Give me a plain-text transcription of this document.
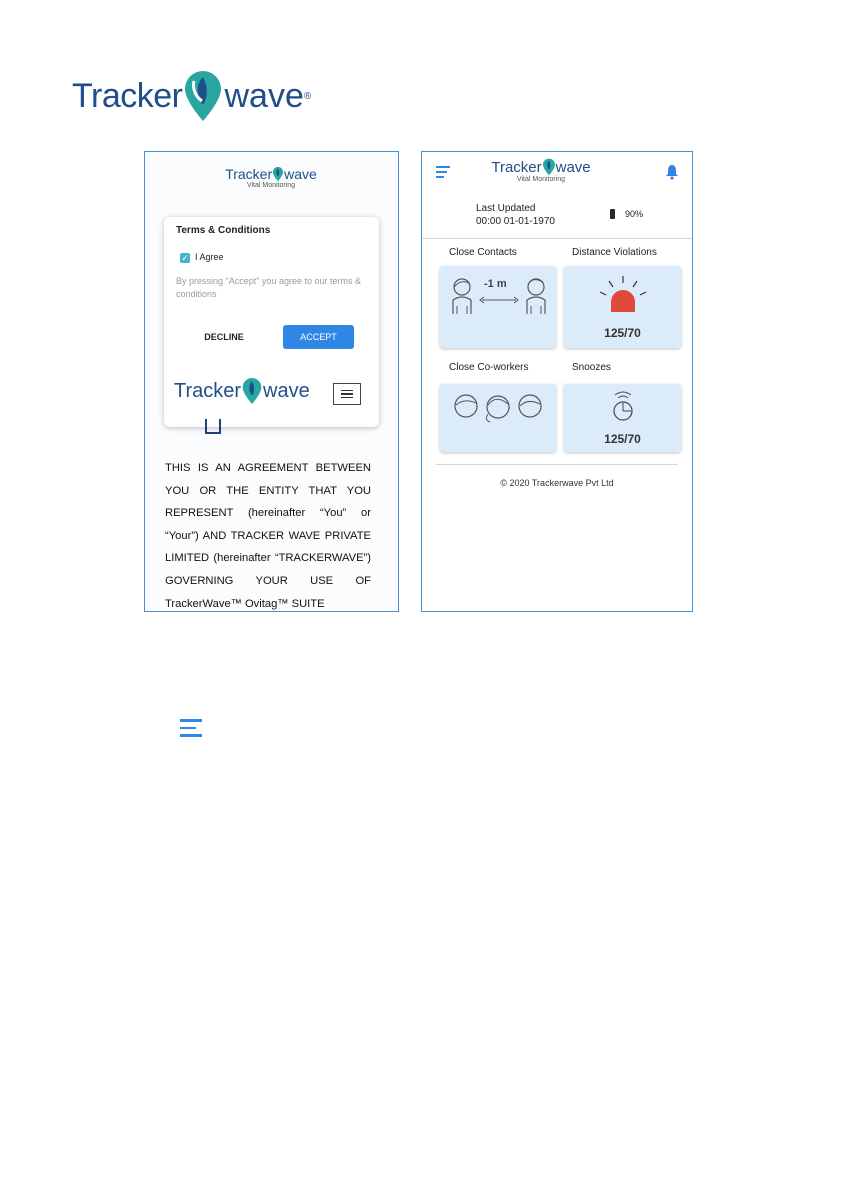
Tracker wave ®
Tracker wave
Vital Monitoring
Terms & Conditions
✓ I Agree
By pressing "Accept" you agree to our terms & conditions
DECLINE	ACCEPT
Tracker wave
THIS IS AN AGREEMENT BETWEEN YOU OR THE ENTITY THAT YOU REPRESENT (hereinafter “You” or “Your”) AND TRACKER WAVE PRIVATE LIMITED (hereinafter “TRACKERWAVE”) GOVERNING YOUR USE OF TrackerWave™ Ovitag™ SUITE
Tracker wave
Vital Monitoring
Last Updated
00:00 01-01-1970
90%
Close Contacts	Distance Violations
-1 m
125/70
Close Co-workers	Snoozes
125/70
© 2020 Trackerwave Pvt Ltd
